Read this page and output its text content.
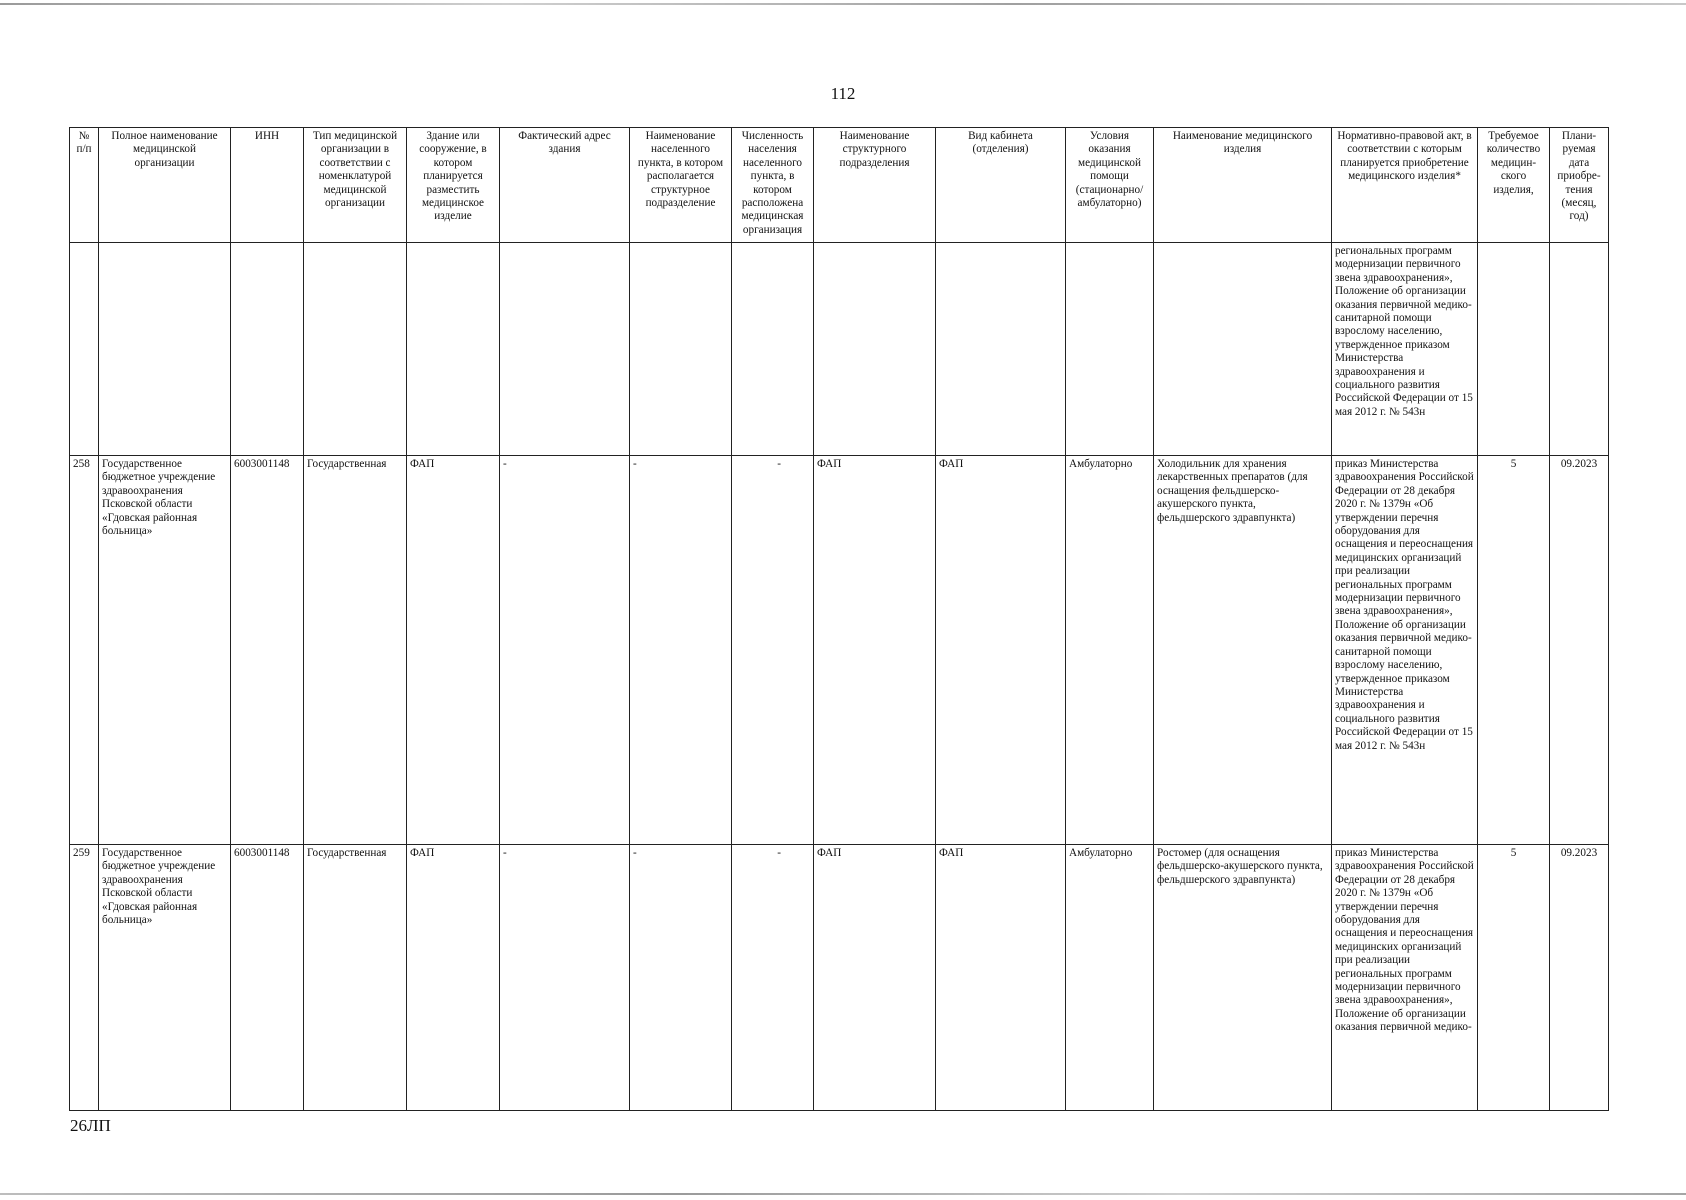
112
№ п/п	Полное наименование медицинской организации	ИНН	Тип медицинской организации в соответствии с номенклатурой медицинской организации	Здание или сооружение, в котором планируется разместить медицинское изделие	Фактический адрес здания	Наименование населенного пункта, в котором располагается структурное подразделение	Численность населения населенного пункта, в котором расположена медицинская организация	Наименование структурного подразделения	Вид кабинета (отделения)	Условия оказания медицинской помощи (стационарно/ амбулаторно)	Наименование медицинского изделия	Нормативно-правовой акт, в соответствии с которым планируется приобретение медицинского изделия*	Требуемое количество медицин-ского изделия,	Плани-руемая дата приобре-тения (месяц, год)
												региональных программ модернизации первичного звена здравоохранения», Положение об организации оказания первичной медико-санитарной помощи взрослому населению, утвержденное приказом Министерства здравоохранения и социального развития Российской Федерации от 15 мая 2012 г. № 543н		
258	Государственное бюджетное учреждение здравоохранения Псковской области «Гдовская районная больница»	6003001148	Государственная	ФАП	-	-	-	ФАП	ФАП	Амбулаторно	Холодильник для хранения лекарственных препаратов (для оснащения фельдшерско-акушерского пункта, фельдшерского здравпункта)	приказ Министерства здравоохранения Российской Федерации от 28 декабря 2020 г. № 1379н «Об утверждении перечня оборудования для оснащения и переоснащения медицинских организаций при реализации региональных программ модернизации первичного звена здравоохранения», Положение об организации оказания первичной медико-санитарной помощи взрослому населению, утвержденное приказом Министерства здравоохранения и социального развития Российской Федерации от 15 мая 2012 г. № 543н	5	09.2023
259	Государственное бюджетное учреждение здравоохранения Псковской области «Гдовская районная больница»	6003001148	Государственная	ФАП	-	-	-	ФАП	ФАП	Амбулаторно	Ростомер (для оснащения фельдшерско-акушерского пункта, фельдшерского здравпункта)	приказ Министерства здравоохранения Российской Федерации от 28 декабря 2020 г. № 1379н «Об утверждении перечня оборудования для оснащения и переоснащения медицинских организаций при реализации региональных программ модернизации первичного звена здравоохранения», Положение об организации оказания первичной медико-	5	09.2023
26ЛП
